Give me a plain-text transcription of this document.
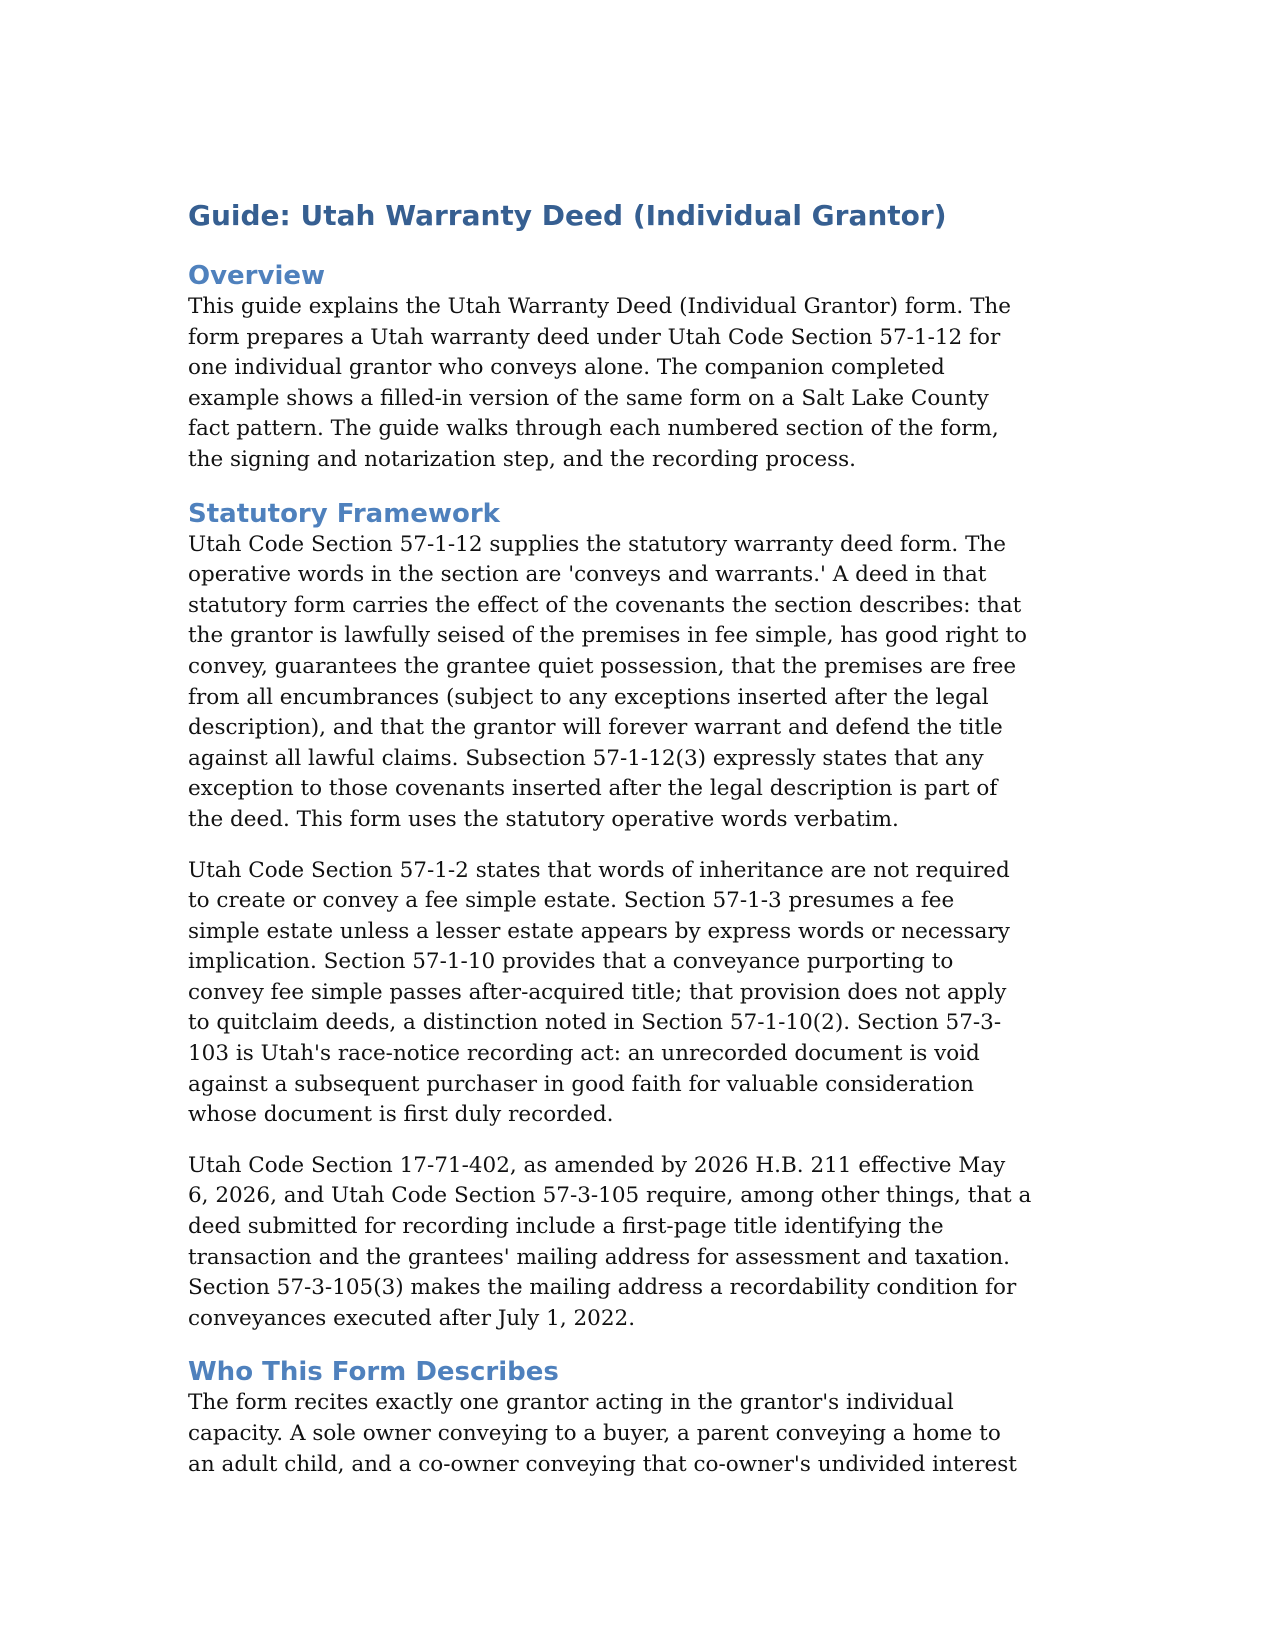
Guide: Utah Warranty Deed (Individual Grantor)
Overview

This guide explains the Utah Warranty Deed (Individual Grantor) form. The
form prepares a Utah warranty deed under Utah Code Section 57-1-12 for
one individual grantor who conveys alone. The companion completed
example shows a filled-in version of the same form on a Salt Lake County
fact pattern. The guide walks through each numbered section of the form,
the signing and notarization step, and the recording process.

Statutory Framework

Utah Code Section 57-1-12 supplies the statutory warranty deed form. The
operative words in the section are 'conveys and warrants.' A deed in that
statutory form carries the effect of the covenants the section describes: that
the grantor is lawfully seised of the premises in fee simple, has good right to
convey, guarantees the grantee quiet possession, that the premises are free
from all encumbrances (subject to any exceptions inserted after the legal
description), and that the grantor will forever warrant and defend the title
against all lawful claims. Subsection 57-1-12(3) expressly states that any
exception to those covenants inserted after the legal description is part of
the deed. This form uses the statutory operative words verbatim.

Utah Code Section 57-1-2 states that words of inheritance are not required
to create or convey a fee simple estate. Section 57-1-3 presumes a fee
simple estate unless a lesser estate appears by express words or necessary
implication. Section 57-1-10 provides that a conveyance purporting to
convey fee simple passes after-acquired title; that provision does not apply
to quitclaim deeds, a distinction noted in Section 57-1-10(2). Section 57-3-
103 is Utah's race-notice recording act: an unrecorded document is void
against a subsequent purchaser in good faith for valuable consideration
whose document is first duly recorded.

Utah Code Section 17-71-402, as amended by 2026 H.B. 211 effective May
6, 2026, and Utah Code Section 57-3-105 require, among other things, that a
deed submitted for recording include a first-page title identifying the
transaction and the grantees' mailing address for assessment and taxation.
Section 57-3-105(3) makes the mailing address a recordability condition for
conveyances executed after July 1, 2022.

Who This Form Describes

The form recites exactly one grantor acting in the grantor's individual
capacity. A sole owner conveying to a buyer, a parent conveying a home to
an adult child, and a co-owner conveying that co-owner's undivided interest
